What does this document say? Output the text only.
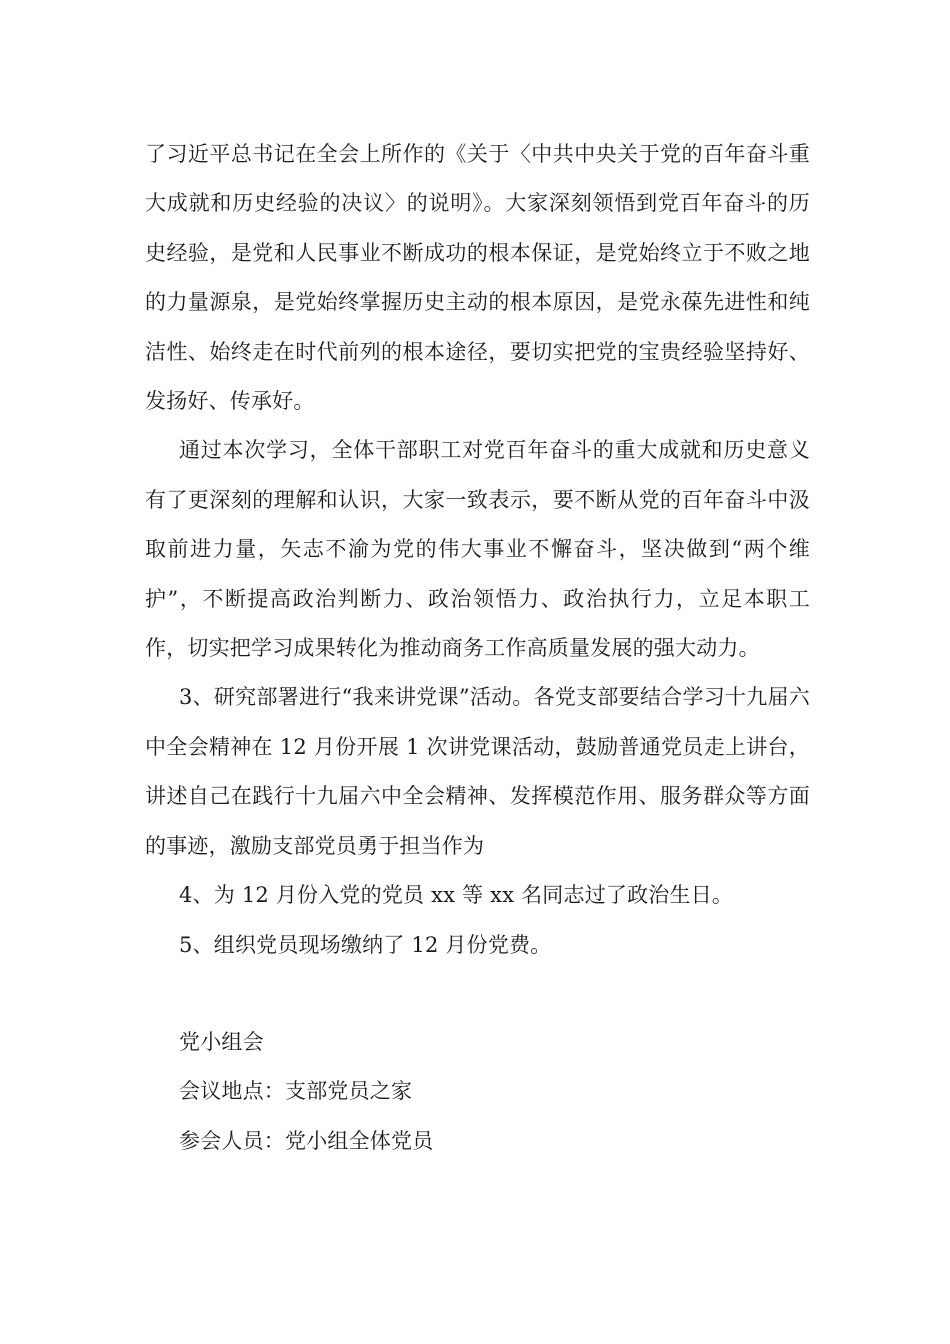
了习近平总书记在全会上所作的《关于〈中共中央关于党的百年奋斗重大成就和历史经验的决议〉的说明》。大家深刻领悟到党百年奋斗的历史经验，是党和人民事业不断成功的根本保证，是党始终立于不败之地的力量源泉，是党始终掌握历史主动的根本原因，是党永葆先进性和纯洁性、始终走在时代前列的根本途径，要切实把党的宝贵经验坚持好、发扬好、传承好。

通过本次学习，全体干部职工对党百年奋斗的重大成就和历史意义有了更深刻的理解和认识，大家一致表示，要不断从党的百年奋斗中汲取前进力量，矢志不渝为党的伟大事业不懈奋斗，坚决做到“两个维护”，不断提高政治判断力、政治领悟力、政治执行力，立足本职工作，切实把学习成果转化为推动商务工作高质量发展的强大动力。

3、研究部署进行“我来讲党课”活动。各党支部要结合学习十九届六中全会精神在 12 月份开展 1 次讲党课活动，鼓励普通党员走上讲台，讲述自己在践行十九届六中全会精神、发挥模范作用、服务群众等方面的事迹，激励支部党员勇于担当作为

4、为 12 月份入党的党员 xx 等 xx 名同志过了政治生日。

5、组织党员现场缴纳了 12 月份党费。

党小组会

会议地点：支部党员之家

参会人员：党小组全体党员
